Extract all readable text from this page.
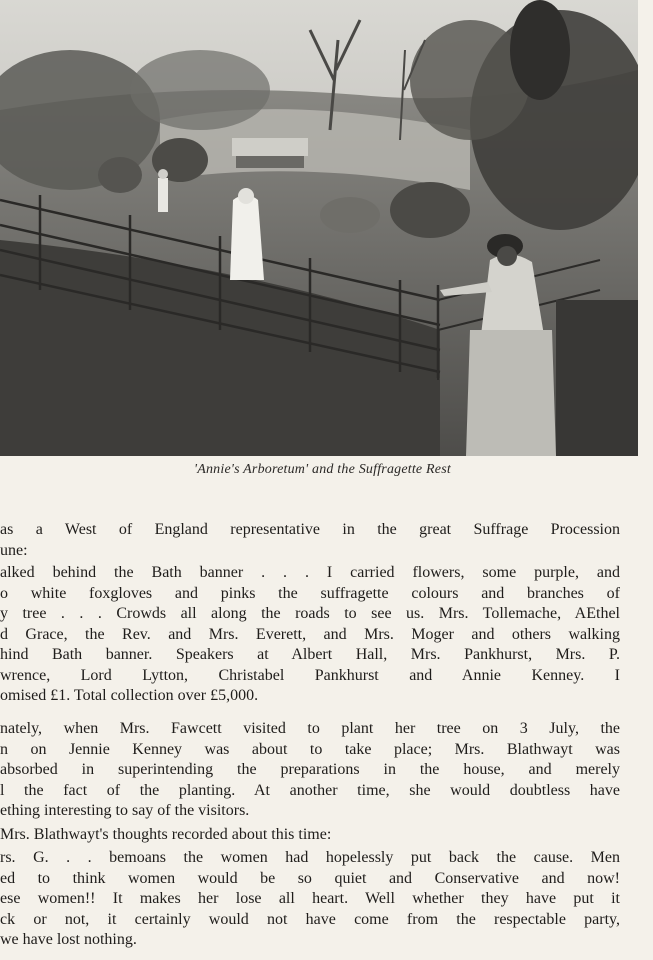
'Annie's Arboretum' and the Suffragette Rest
as a West of England representative in the great Suffrage Procession
une:
alked behind the Bath banner . . . I carried flowers, some purple, and
o white foxgloves and pinks the suffragette colours and branches of
y tree . . . Crowds all along the roads to see us. Mrs. Tollemache, AEthel
d Grace, the Rev. and Mrs. Everett, and Mrs. Moger and others walking
hind Bath banner. Speakers at Albert Hall, Mrs. Pankhurst, Mrs. P.
wrence, Lord Lytton, Christabel Pankhurst and Annie Kenney. I
omised £1. Total collection over £5,000.
nately, when Mrs. Fawcett visited to plant her tree on 3 July, the
n on Jennie Kenney was about to take place; Mrs. Blathwayt was
absorbed in superintending the preparations in the house, and merely
l the fact of the planting. At another time, she would doubtless have
ething interesting to say of the visitors.
Mrs. Blathwayt's thoughts recorded about this time:
rs. G. . . bemoans the women had hopelessly put back the cause. Men
ed to think women would be so quiet and Conservative and now!
ese women!! It makes her lose all heart. Well whether they have put it
ck or not, it certainly would not have come from the respectable party,
we have lost nothing.
